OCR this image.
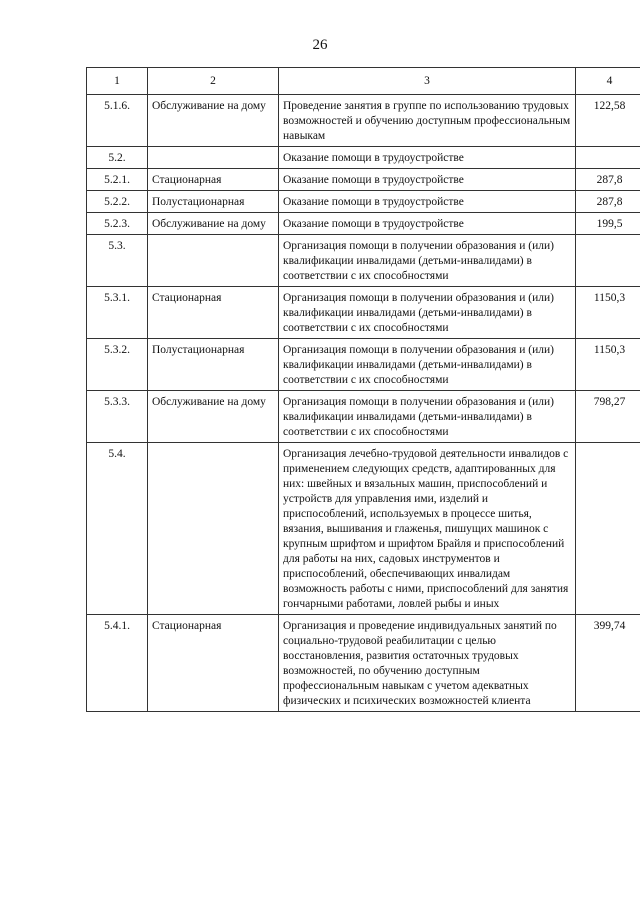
26
1	2	3	4
5.1.6.	Обслуживание на дому	Проведение занятия в группе по использованию трудовых возможностей и обучению доступным профессиональным навыкам	122,58
5.2.		Оказание помощи в трудоустройстве	
5.2.1.	Стационарная	Оказание помощи в трудоустройстве	287,8
5.2.2.	Полустационарная	Оказание помощи в трудоустройстве	287,8
5.2.3.	Обслуживание на дому	Оказание помощи в трудоустройстве	199,5
5.3.		Организация помощи в получении образования и (или) квалификации инвалидами (детьми-инвалидами) в соответствии с их способностями	
5.3.1.	Стационарная	Организация помощи в получении образования и (или) квалификации инвалидами (детьми-инвалидами) в соответствии с их способностями	1150,3
5.3.2.	Полустационарная	Организация помощи в получении образования и (или) квалификации инвалидами (детьми-инвалидами) в соответствии с их способностями	1150,3
5.3.3.	Обслуживание на дому	Организация помощи в получении образования и (или) квалификации инвалидами (детьми-инвалидами) в соответствии с их способностями	798,27
5.4.		Организация лечебно-трудовой деятельности инвалидов с применением следующих средств, адаптированных для них: швейных и вязальных машин, приспособлений и устройств для управления ими, изделий и приспособлений, используемых в процессе шитья, вязания, вышивания и глаженья, пишущих машинок с крупным шрифтом и шрифтом Брайля и приспособлений для работы на них, садовых инструментов и приспособлений, обеспечивающих инвалидам возможность работы с ними, приспособлений для занятия гончарными работами, ловлей рыбы и иных	
5.4.1.	Стационарная	Организация и проведение индивидуальных занятий по социально-трудовой реабилитации с целью восстановления, развития остаточных трудовых возможностей, по обучению доступным профессиональным навыкам с учетом адекватных физических и психических возможностей клиента	399,74
